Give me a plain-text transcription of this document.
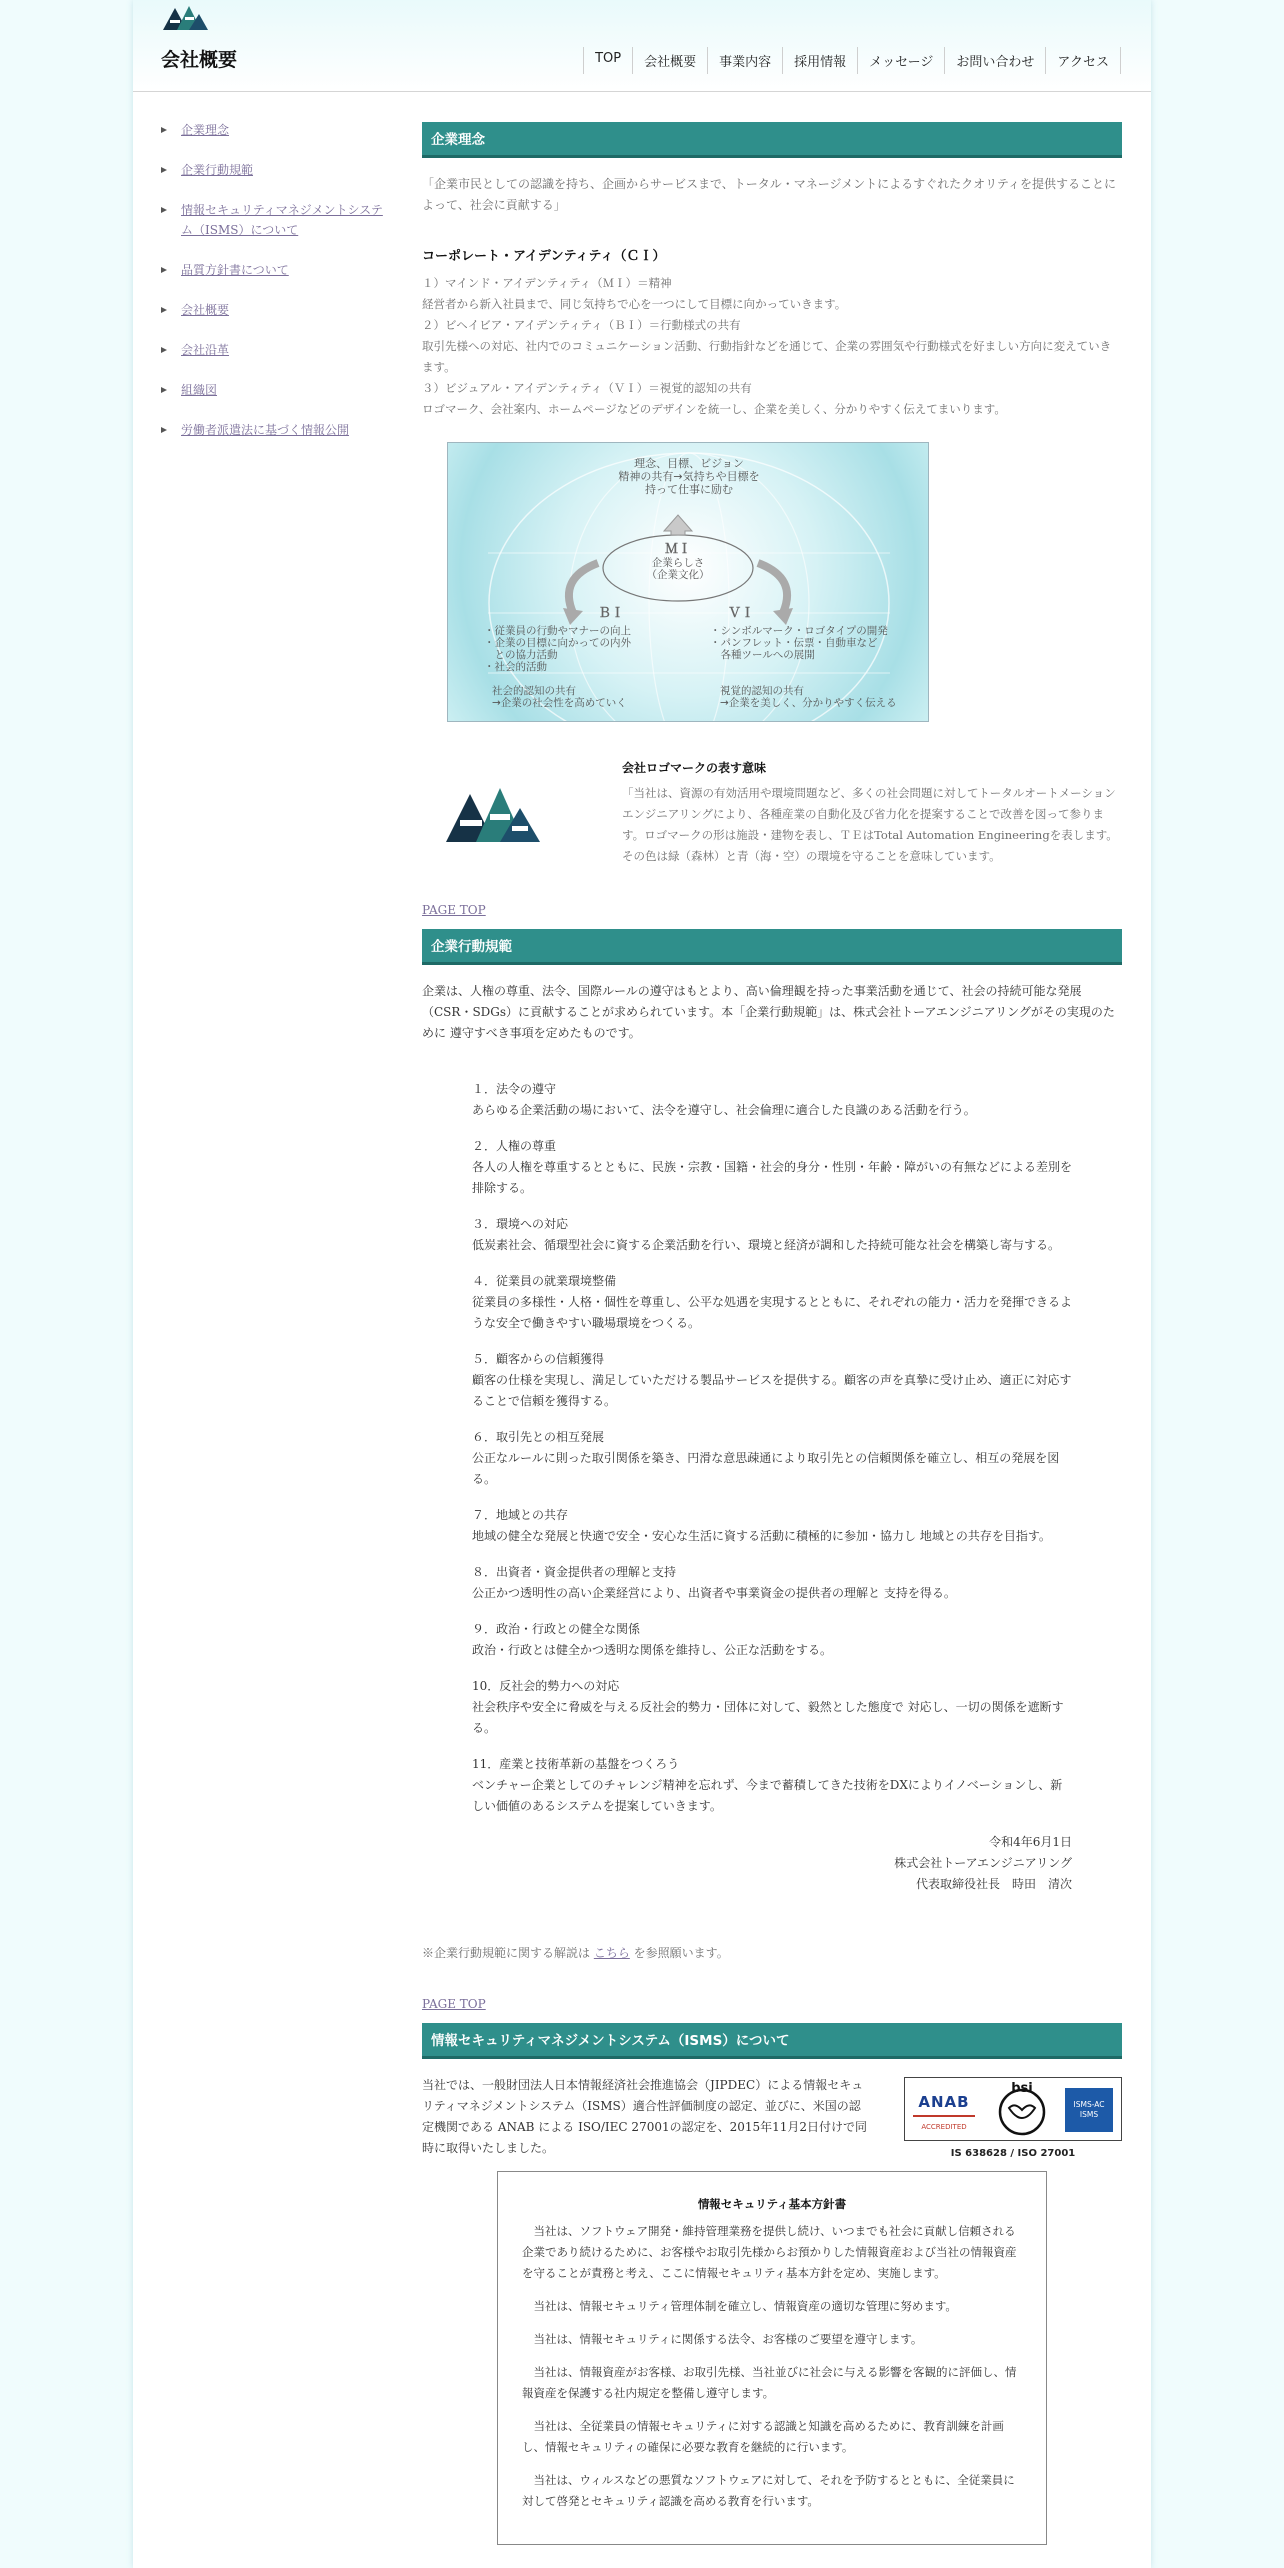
会社概要	TOP	会社概要	事業内容	採用情報	メッセージ	お問い合わせ	アクセス
企業理念
企業行動規範
情報セキュリティマネジメントシステム（ISMS）について
品質方針書について
会社概要
会社沿革
組織図
労働者派遣法に基づく情報公開
企業理念

「企業市民としての認識を持ち、企画からサービスまで、トータル・マネージメントによるすぐれたクオリティを提供することによって、社会に貢献する」

コーポレート・アイデンティティ（ＣＩ）

１）マインド・アイデンティティ（ＭＩ）＝精神
経営者から新入社員まで、同じ気持ちで心を一つにして目標に向かっていきます。
２）ビヘイビア・アイデンティティ（ＢＩ）＝行動様式の共有
取引先様への対応、社内でのコミュニケーション活動、行動指針などを通じて、企業の雰囲気や行動様式を好ましい方向に変えていきます。
３）ビジュアル・アイデンティティ（ＶＩ）＝視覚的認知の共有
ロゴマーク、会社案内、ホームページなどのデザインを統一し、企業を美しく、分かりやすく伝えてまいります。
理念、目標、ビジョン
精神の共有→気持ちや目標を
持って仕事に励む
ＭＩ
企業らしさ
（企業文化）
ＢＩ
・従業員の行動やマナーの向上
・企業の目標に向かっての内外
　との協力活動
・社会的活動
社会的認知の共有
→企業の社会性を高めていく
ＶＩ
・シンボルマーク・ロゴタイプの開発
・パンフレット・伝票・自動車など
　各種ツールへの展開
視覚的認知の共有
→企業を美しく、分かりやすく伝える

会社ロゴマークの表す意味

「当社は、資源の有効活用や環境問題など、多くの社会問題に対してトータルオートメーションエンジニアリングにより、各種産業の自動化及び省力化を提案することで改善を図って参ります。ロゴマークの形は施設・建物を表し、ＴＥはTotal Automation Engineeringを表します。その色は緑（森林）と青（海・空）の環境を守ることを意味しています。

PAGE TOP
企業行動規範

企業は、人権の尊重、法令、国際ルールの遵守はもとより、高い倫理観を持った事業活動を通じて、社会の持続可能な発展（CSR・SDGs）に貢献することが求められています。本「企業行動規範」は、株式会社トーアエンジニアリングがその実現のために 遵守すべき事項を定めたものです。

１．法令の遵守
あらゆる企業活動の場において、法令を遵守し、社会倫理に適合した良識のある活動を行う。
２．人権の尊重
各人の人権を尊重するとともに、民族・宗教・国籍・社会的身分・性別・年齢・障がいの有無などによる差別を排除する。
３．環境への対応
低炭素社会、循環型社会に資する企業活動を行い、環境と経済が調和した持続可能な社会を構築し寄与する。
４．従業員の就業環境整備
従業員の多様性・人格・個性を尊重し、公平な処遇を実現するとともに、それぞれの能力・活力を発揮できるような安全で働きやすい職場環境をつくる。
５．顧客からの信頼獲得
顧客の仕様を実現し、満足していただける製品サービスを提供する。顧客の声を真摯に受け止め、適正に対応することで信頼を獲得する。
６．取引先との相互発展
公正なルールに則った取引関係を築き、円滑な意思疎通により取引先との信頼関係を確立し、相互の発展を図る。
７．地域との共存
地域の健全な発展と快適で安全・安心な生活に資する活動に積極的に参加・協力し 地域との共存を目指す。
８．出資者・資金提供者の理解と支持
公正かつ透明性の高い企業経営により、出資者や事業資金の提供者の理解と 支持を得る。
９．政治・行政との健全な関係
政治・行政とは健全かつ透明な関係を維持し、公正な活動をする。
10．反社会的勢力への対応
社会秩序や安全に脅威を与える反社会的勢力・団体に対して、毅然とした態度で 対応し、一切の関係を遮断する。
11．産業と技術革新の基盤をつくろう
ベンチャー企業としてのチャレンジ精神を忘れず、今まで蓄積してきた技術をDXによりイノベーションし、新しい価値のあるシステムを提案していきます。
令和4年6月1日
株式会社トーアエンジニアリング
代表取締役社長　時田　清次

※企業行動規範に関する解説は こちら を参照願います。

PAGE TOP
情報セキュリティマネジメントシステム（ISMS）について

当社では、一般財団法人日本情報経済社会推進協会（JIPDEC）による情報セキュリティマネジメントシステム（ISMS）適合性評価制度の認定、並びに、米国の認定機関である ANAB による ISO/IEC 27001の認定を、2015年11月2日付けで同時に取得いたしました。

ANAB
ACCREDITED
bsi
ISMS-AC
ISMS
IS 638628 / ISO 27001

情報セキュリティ基本方針書

当社は、ソフトウェア開発・維持管理業務を提供し続け、いつまでも社会に貢献し信頼される企業であり続けるために、お客様やお取引先様からお預かりした情報資産および当社の情報資産を守ることが責務と考え、ここに情報セキュリティ基本方針を定め、実施します。

当社は、情報セキュリティ管理体制を確立し、情報資産の適切な管理に努めます。

当社は、情報セキュリティに関係する法令、お客様のご要望を遵守します。

当社は、情報資産がお客様、お取引先様、当社並びに社会に与える影響を客観的に評価し、情報資産を保護する社内規定を整備し遵守します。

当社は、全従業員の情報セキュリティに対する認識と知識を高めるために、教育訓練を計画し、情報セキュリティの確保に必要な教育を継続的に行います。

当社は、ウィルスなどの悪質なソフトウェアに対して、それを予防するとともに、全従業員に対して啓発とセキュリティ認識を高める教育を行います。
